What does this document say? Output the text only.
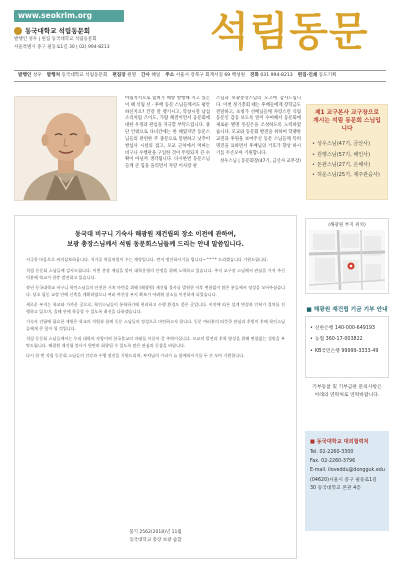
www.seokrim.org
동국대학교 석림동문회
발행인 성우 | 편집 동국대학교 석림동문회
서울특별시 중구 필동로1길 30 | 02) 994-8213	석림동문
발행인 성우 발행처 동국대학교 석림동문회 편집장 원명 간사 혜일 주소 서울시 강북구 회계서길 69 백성원 전화 031 994-8213 편집·인쇄 동도기획
아림적서으로 넓혀가 해방 발행해 지고 있는 이 때 석림 선 · 후배 동문 스님들께서도 평안하신지요? 건강 잘 챙기시고, 학창시절 남섬소리처럼 즈이도, 가람 해결이면서 응문회에 대한 우정과 관심을 지극할 부탁드립니다. 종단 안팎으로 다녀간에는 한 해였지만 동문스님들의 관련한 주 종문으로 봉변하고 낫추어 쌍섬사 시설의 접고, 모교 근처에서 머싸는 비구니 수행관을 구입한 것이 뚜렷되지 큰 수확이 아닐까 생각됩니다. 다시한번 동문스님들께 큰 힘을 을리면서 자랑 이사장 관
스님과 보광총장스님의 노고에 감사드립니다. 이번 정기총회 때는 후배들에게 장학금도 전달하고, 초청가 선배님들께 자랑스런 석림동문인 감응 보도록 알이 수여해서 동문회에 새로운 별명 뜻깊은을 조성하도록 노력하였습니다. 모교와 동문회 발전을 위하여 학랭한 교전과 후원을 보여주신 동문 스님들께 특히 명진을 표하면서 후배님의 거호가 향상 하시기를 두손모아 기원합니다.
성우스님 | 동문회장(47기, 금산사 교무장)
제1 교구본사 교구장으로 계시는 석림 동문회 스님입니다
• 성우스님(47기, 금산사)
• 원행스님(57기, 해인사)
• 돈관스님(27기, 은해사)
• 허운스님(25기, 제주관음사)
동국대 비구니 기숙사 해광원 재건립의 장소 이전에 관하여,
보광 총장스님께서 석림 동문회스님들께 드리는 안내 말씀입니다.
지극한 마음으로 귀의삼보하옵니다. 저가공 처음처럼이 우는 계정입니다. 먼저 정안하시기를 빕니다~^*^* 드리겠습니다 기원드립니다.

석림 동문회 스님들께 감사드립니다. 이번 총장 재임을 맞아 대학운영의 안정을 위해 노력하고 있습니다. 주지 교구장 스님께서 관심을 가져 주신 덕분에 학교가 한층 발전하고 있습니다.

작년 동국대학교 비구니 학인스님들의 안전한 거처 마련을 위해 (해광원) 재건립 불사를 발원한 이후 변함없이 많은 분들께서 정성을 모아주셨습니다. 당초 필동 교정 안에 신축을 계획하였으나 여러 여건상 부지 확보가 어려워 장소를 이전하게 되었습니다.

새로운 부지는 학교와 가까운 곳으로, 학인스님들이 통학하기에 편리하고 수행 환경도 좋은 곳입니다. 이전에 따른 설계 변경과 인허가 절차를 진행하고 있으며, 올해 안에 착공할 수 있도록 최선을 다하겠습니다.

기숙사 건립에 필요한 재원은 학교의 지원과 함께 동문 스님들의 정성으로 마련하고자 합니다. 동문 여러분의 따뜻한 관심과 후원이 후배 학인스님들에게 큰 힘이 될 것입니다.

석림 동문회 스님들께서는 우리 대학의 자랑이며 한국불교의 미래를 이끌어 갈 주역이십니다. 모교의 발전과 후학 양성을 위해 변함없는 성원을 부탁드립니다. 해광원 재건립 불사가 원만히 회향될 수 있도록 많은 관심과 동참을 바랍니다.

다시 한 번 석림 동문회 스님들의 건강과 수행 정진을 기원드리며, 부처님의 가피가 늘 함께하시기를 두 손 모아 기원합니다.

불기 2562(2018)년 11월
동국대학교 총장 보광 습합
(해광원 부지 위치)
■ 해광원 재건립 기금 기부 안내
• 신한은행 140-000-649193
• 농협 360-17-003822
• KB국민은행 99999-3333-49
기부동참 및 기부금판 문의사항은
아래의 연락처로 연락바랍니다.
■ 동국대학교 대외협력처
Tel. 02-2260-3300
Fax. 02-2260-3796
E-mail. iloveddu@dongguk.edu
(04620)서울시 중구 필동로1길 30 동국대학교 본관 4층
